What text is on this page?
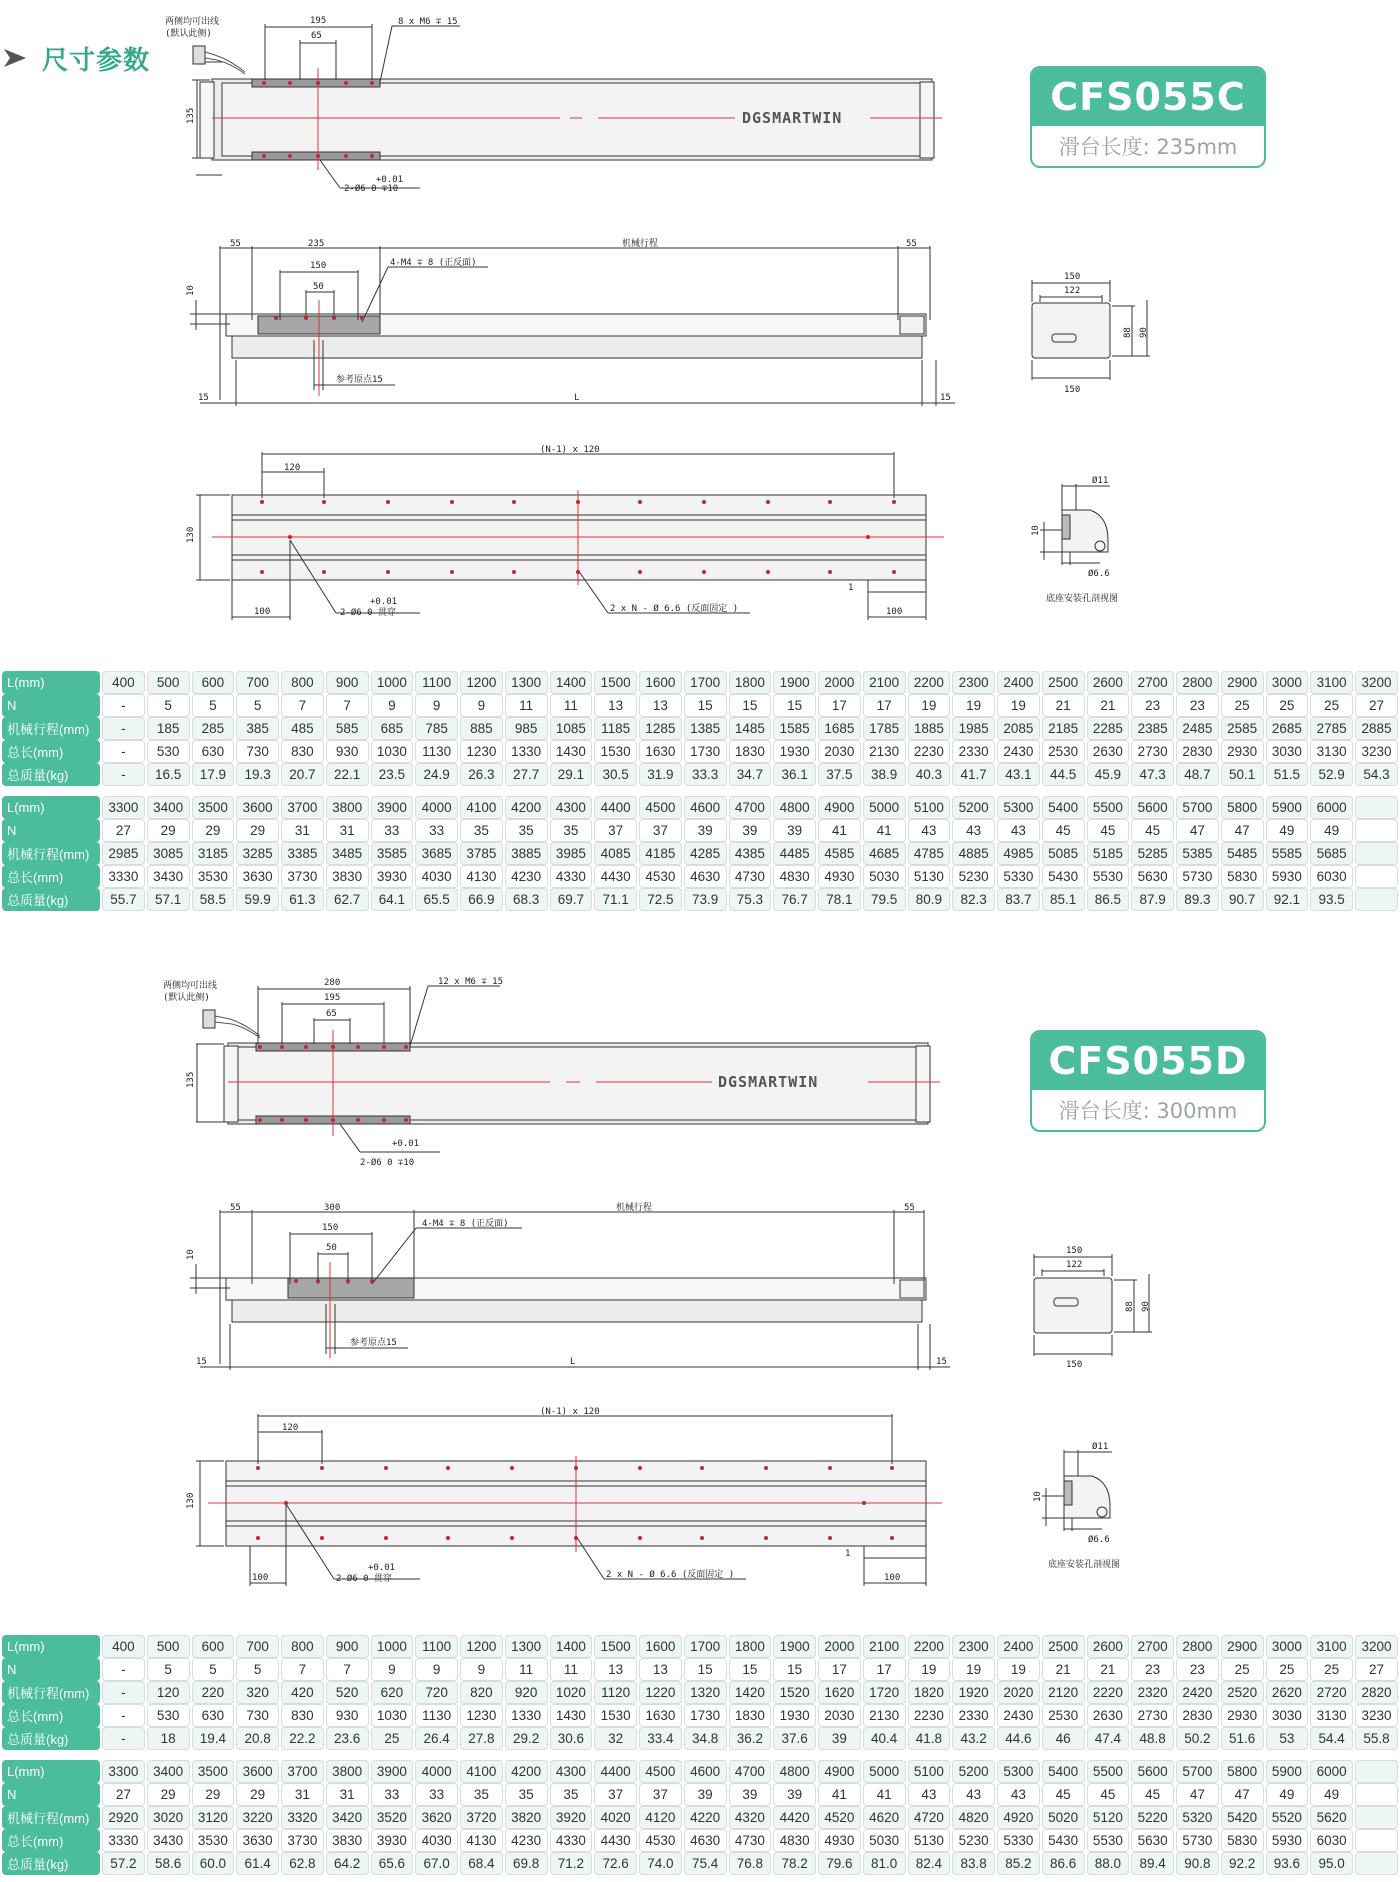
尺寸参数
两侧均可出线
(默认此侧)
195
65
8 x M6 ∓ 15
135
+0.01
2-Ø6 0 ∓10
DGSMARTWIN
55	235	机械行程	55
150
50
4-M4 ∓ 8 (正反面)
10
参考原点15
15	L	15
150
122
88 90
150
(N-1) x 120
120
130
1
100
+0.01
2-Ø6 0 贯穿	2 x N - Ø 6.6 (反面固定 )	100
Ø11
10
Ø6.6
底座安装孔剖视图
CFS055C
滑台长度: 235mm
L(mm)	400	500	600	700	800	900	1000	1100	1200	1300	1400	1500	1600	1700	1800	1900	2000	2100	2200	2300	2400	2500	2600	2700	2800	2900	3000	3100	3200
N	-	5	5	5	7	7	9	9	9	11	11	13	13	15	15	15	17	17	19	19	19	21	21	23	23	25	25	25	27
机械行程(mm)	-	185	285	385	485	585	685	785	885	985	1085	1185	1285	1385	1485	1585	1685	1785	1885	1985	2085	2185	2285	2385	2485	2585	2685	2785	2885
总长(mm)	-	530	630	730	830	930	1030	1130	1230	1330	1430	1530	1630	1730	1830	1930	2030	2130	2230	2330	2430	2530	2630	2730	2830	2930	3030	3130	3230
总质量(kg)	-	16.5	17.9	19.3	20.7	22.1	23.5	24.9	26.3	27.7	29.1	30.5	31.9	33.3	34.7	36.1	37.5	38.9	40.3	41.7	43.1	44.5	45.9	47.3	48.7	50.1	51.5	52.9	54.3
L(mm)	3300	3400	3500	3600	3700	3800	3900	4000	4100	4200	4300	4400	4500	4600	4700	4800	4900	5000	5100	5200	5300	5400	5500	5600	5700	5800	5900	6000	
N	27	29	29	29	31	31	33	33	35	35	35	37	37	39	39	39	41	41	43	43	43	45	45	45	47	47	49	49	
机械行程(mm)	2985	3085	3185	3285	3385	3485	3585	3685	3785	3885	3985	4085	4185	4285	4385	4485	4585	4685	4785	4885	4985	5085	5185	5285	5385	5485	5585	5685	
总长(mm)	3330	3430	3530	3630	3730	3830	3930	4030	4130	4230	4330	4430	4530	4630	4730	4830	4930	5030	5130	5230	5330	5430	5530	5630	5730	5830	5930	6030	
总质量(kg)	55.7	57.1	58.5	59.9	61.3	62.7	64.1	65.5	66.9	68.3	69.7	71.1	72.5	73.9	75.3	76.7	78.1	79.5	80.9	82.3	83.7	85.1	86.5	87.9	89.3	90.7	92.1	93.5	
两侧均可出线
(默认此侧)
280
195
65
12 x M6 ∓ 15
135
+0.01
2-Ø6 0 ∓10
DGSMARTWIN
55	300	机械行程	55
150
50
4-M4 ∓ 8 (正反面)
10
参考原点15
15	L	15
150
122
88 90
150
(N-1) x 120
120
130
1
100
+0.01
2-Ø6 0 贯穿	2 x N - Ø 6.6 (反面固定 )	100
Ø11
10
Ø6.6
底座安装孔剖视图
CFS055D
滑台长度: 300mm
L(mm)	400	500	600	700	800	900	1000	1100	1200	1300	1400	1500	1600	1700	1800	1900	2000	2100	2200	2300	2400	2500	2600	2700	2800	2900	3000	3100	3200
N	-	5	5	5	7	7	9	9	9	11	11	13	13	15	15	15	17	17	19	19	19	21	21	23	23	25	25	25	27
机械行程(mm)	-	120	220	320	420	520	620	720	820	920	1020	1120	1220	1320	1420	1520	1620	1720	1820	1920	2020	2120	2220	2320	2420	2520	2620	2720	2820
总长(mm)	-	530	630	730	830	930	1030	1130	1230	1330	1430	1530	1630	1730	1830	1930	2030	2130	2230	2330	2430	2530	2630	2730	2830	2930	3030	3130	3230
总质量(kg)	-	18	19.4	20.8	22.2	23.6	25	26.4	27.8	29.2	30.6	32	33.4	34.8	36.2	37.6	39	40.4	41.8	43.2	44.6	46	47.4	48.8	50.2	51.6	53	54.4	55.8
L(mm)	3300	3400	3500	3600	3700	3800	3900	4000	4100	4200	4300	4400	4500	4600	4700	4800	4900	5000	5100	5200	5300	5400	5500	5600	5700	5800	5900	6000	
N	27	29	29	29	31	31	33	33	35	35	35	37	37	39	39	39	41	41	43	43	43	45	45	45	47	47	49	49	
机械行程(mm)	2920	3020	3120	3220	3320	3420	3520	3620	3720	3820	3920	4020	4120	4220	4320	4420	4520	4620	4720	4820	4920	5020	5120	5220	5320	5420	5520	5620	
总长(mm)	3330	3430	3530	3630	3730	3830	3930	4030	4130	4230	4330	4430	4530	4630	4730	4830	4930	5030	5130	5230	5330	5430	5530	5630	5730	5830	5930	6030	
总质量(kg)	57.2	58.6	60.0	61.4	62.8	64.2	65.6	67.0	68.4	69.8	71.2	72.6	74.0	75.4	76.8	78.2	79.6	81.0	82.4	83.8	85.2	86.6	88.0	89.4	90.8	92.2	93.6	95.0	
